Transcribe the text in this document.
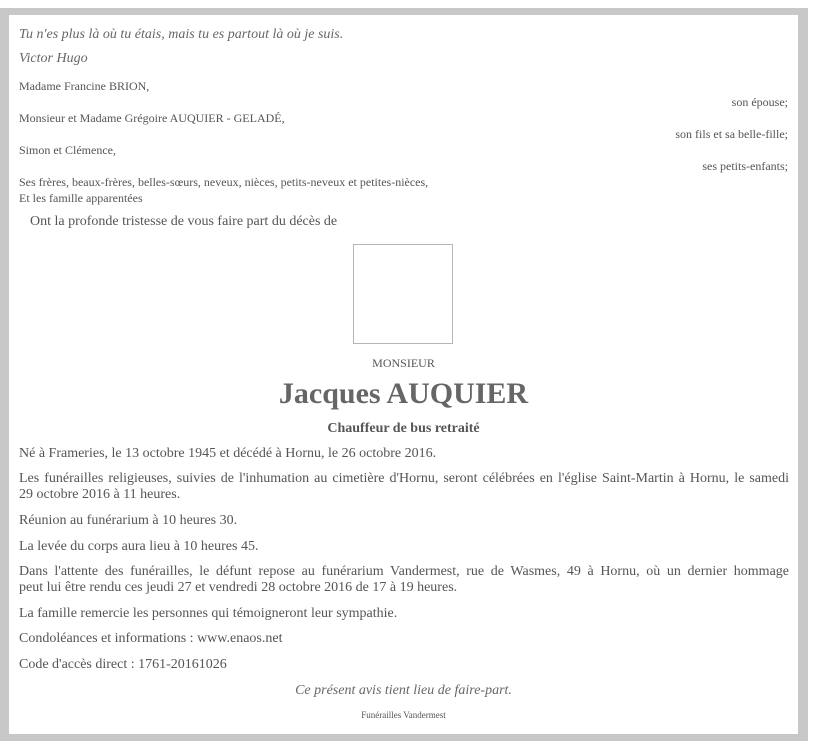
Tu n'es plus là où tu étais, mais tu es partout là où je suis.
Victor Hugo
Madame Francine BRION,
son épouse;
Monsieur et Madame Grégoire AUQUIER - GELADÉ,
son fils et sa belle-fille;
Simon et Clémence,
ses petits-enfants;
Ses frères, beaux-frères, belles-sœurs, neveux, nièces, petits-neveux et petites-nièces,
Et les famille apparentées
Ont la profonde tristesse de vous faire part du décès de
MONSIEUR
Jacques AUQUIER
Chauffeur de bus retraité
Né à Frameries, le 13 octobre 1945 et décédé à Hornu, le 26 octobre 2016.
Les funérailles religieuses, suivies de l'inhumation au cimetière d'Hornu, seront célébrées en l'église Saint-Martin à Hornu, le samedi
29 octobre 2016 à 11 heures.
Réunion au funérarium à 10 heures 30.
La levée du corps aura lieu à 10 heures 45.
Dans l'attente des funérailles, le défunt repose au funérarium Vandermest, rue de Wasmes, 49 à Hornu, où un dernier hommage
peut lui être rendu ces jeudi 27 et vendredi 28 octobre 2016 de 17 à 19 heures.
La famille remercie les personnes qui témoigneront leur sympathie.
Condoléances et informations : www.enaos.net
Code d'accès direct : 1761-20161026
Ce présent avis tient lieu de faire-part.
Funérailles Vandermest
